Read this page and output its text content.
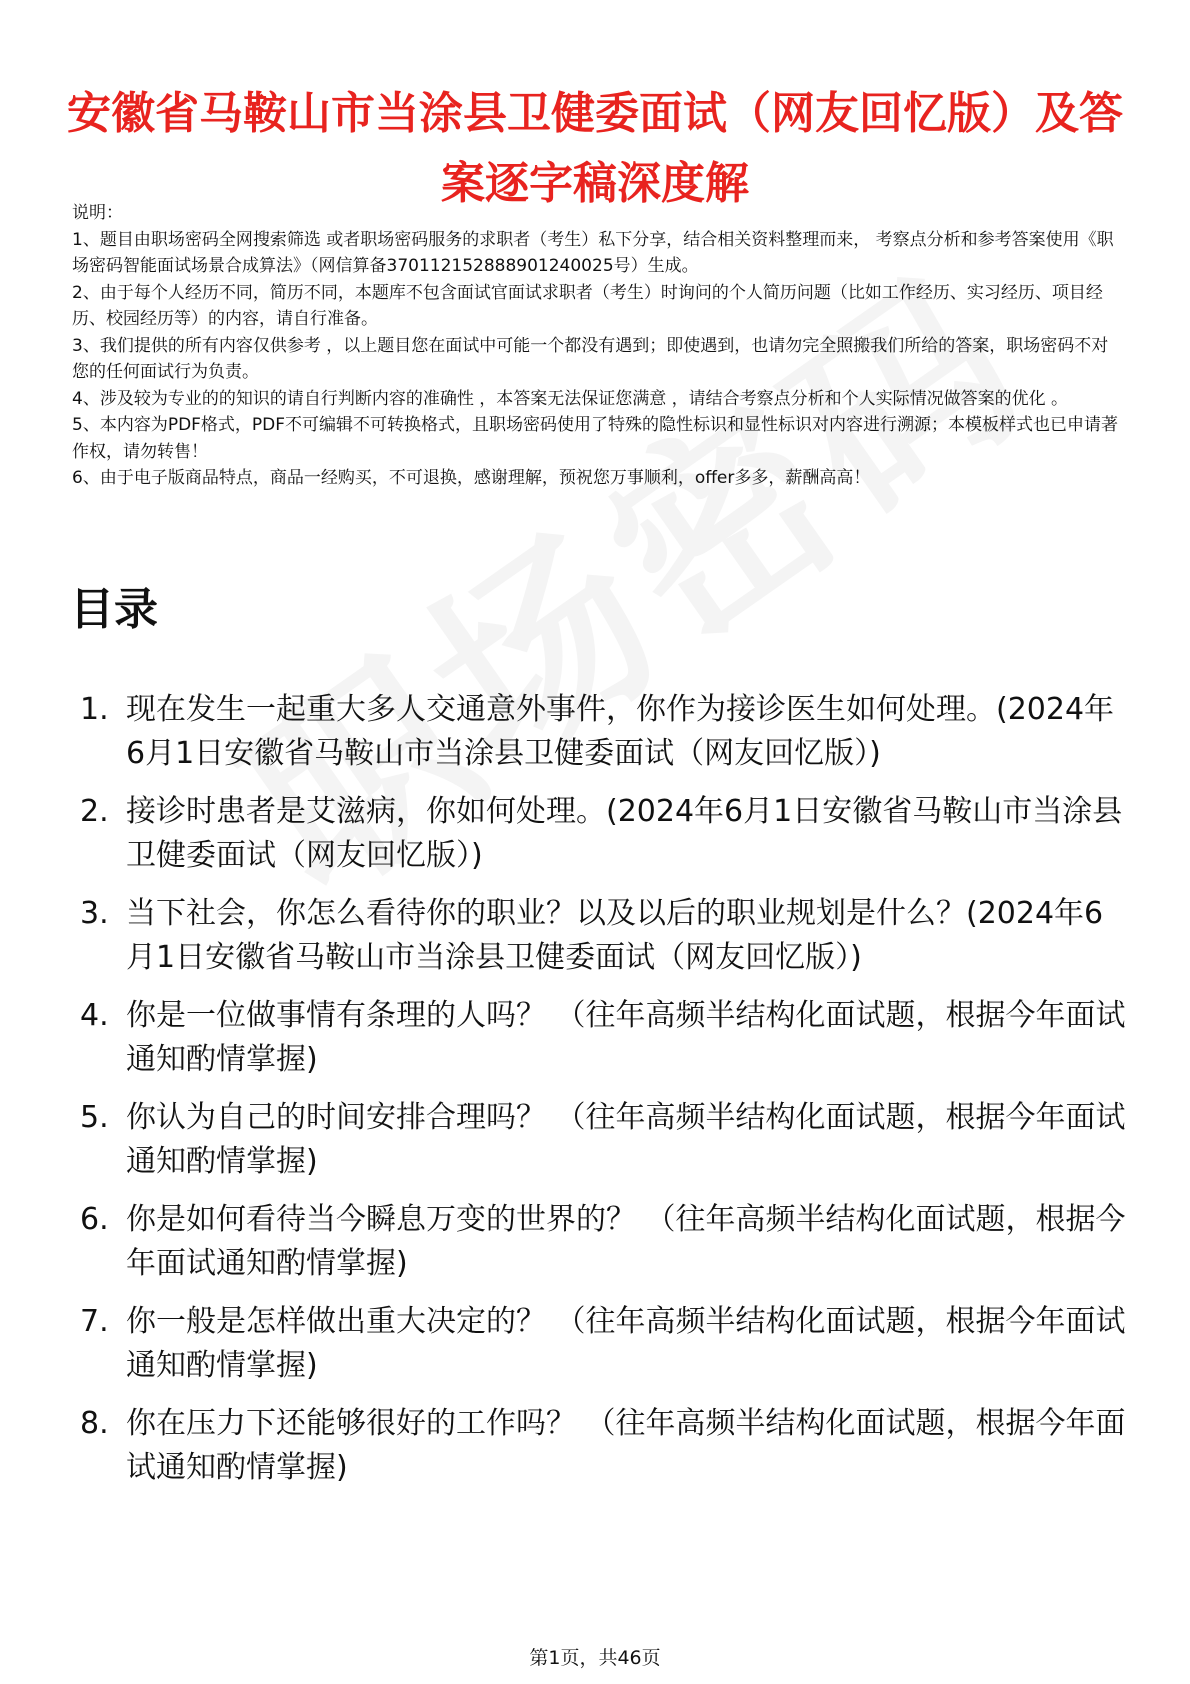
安徽省马鞍山市当涂县卫健委面试（网友回忆版）及答案逐字稿深度解

说明：

1、题目由职场密码全网搜索筛选 或者职场密码服务的求职者（考生）私下分享，结合相关资料整理而来， 考察点分析和参考答案使用《职场密码智能面试场景合成算法》（网信算备370112152888901240025号）生成。

2、由于每个人经历不同，简历不同，本题库不包含面试官面试求职者（考生）时询问的个人简历问题（比如工作经历、实习经历、项目经历、校园经历等）的内容，请自行准备。

3、我们提供的所有内容仅供参考 ，以上题目您在面试中可能一个都没有遇到；即使遇到，也请勿完全照搬我们所给的答案，职场密码不对您的任何面试行为负责。

4、涉及较为专业的的知识的请自行判断内容的准确性 ，本答案无法保证您满意 ，请结合考察点分析和个人实际情况做答案的优化 。

5、本内容为PDF格式，PDF不可编辑不可转换格式，且职场密码使用了特殊的隐性标识和显性标识对内容进行溯源；本模板样式也已申请著作权，请勿转售！

6、由于电子版商品特点，商品一经购买，不可退换，感谢理解，预祝您万事顺利，offer多多，薪酬高高！

目录
1. 现在发生一起重大多人交通意外事件，你作为接诊医生如何处理。(2024年6月1日安徽省马鞍山市当涂县卫健委面试（网友回忆版）)
2. 接诊时患者是艾滋病，你如何处理。(2024年6月1日安徽省马鞍山市当涂县卫健委面试（网友回忆版）)
3. 当下社会，你怎么看待你的职业？以及以后的职业规划是什么？(2024年6月1日安徽省马鞍山市当涂县卫健委面试（网友回忆版）)
4. 你是一位做事情有条理的人吗？ （往年高频半结构化面试题，根据今年面试通知酌情掌握)
5. 你认为自己的时间安排合理吗？ （往年高频半结构化面试题，根据今年面试通知酌情掌握)
6. 你是如何看待当今瞬息万变的世界的？ （往年高频半结构化面试题，根据今年面试通知酌情掌握)
7. 你一般是怎样做出重大决定的？ （往年高频半结构化面试题，根据今年面试通知酌情掌握)
8. 你在压力下还能够很好的工作吗？ （往年高频半结构化面试题，根据今年面试通知酌情掌握)
第1页，共46页
